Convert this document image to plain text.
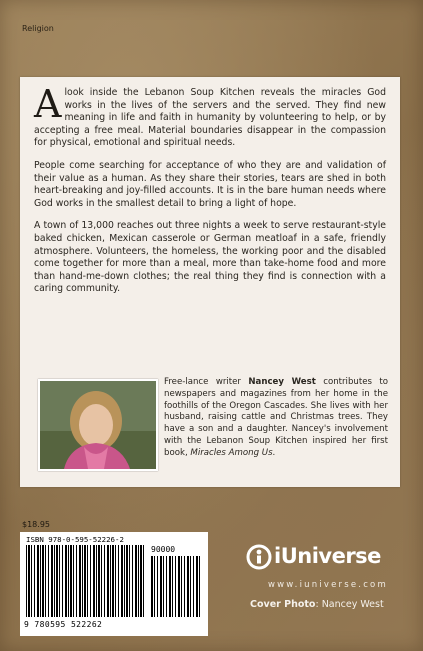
Religion

Alook inside the Lebanon Soup Kitchen reveals the miracles God works in the lives of the servers and the served. They find new meaning in life and faith in humanity by volunteering to help, or by accepting a free meal. Material boundaries disappear in the compassion for physical, emotional and spiritual needs.

People come searching for acceptance of who they are and validation of their value as a human. As they share their stories, tears are shed in both heart-breaking and joy-filled accounts. It is in the bare human needs where God works in the smallest detail to bring a light of hope.

A town of 13,000 reaches out three nights a week to serve restaurant-style baked chicken, Mexican casserole or German meatloaf in a safe, friendly atmosphere. Volunteers, the homeless, the working poor and the disabled come together for more than a meal, more than take-home food and more than hand-me-down clothes; the real thing they find is connection with a caring community.

Free-lance writer Nancey West contributes to newspapers and magazines from her home in the foothills of the Oregon Cascades. She lives with her husband, raising cattle and Christmas trees. They have a son and a daughter. Nancey's involvement with the Lebanon Soup Kitchen inspired her first book, Miracles Among Us.
$18.95
ISBN 978-0-595-52226-2
90000
9 780595 522262
iUniverse
www.iuniverse.com
Cover Photo: Nancey West
